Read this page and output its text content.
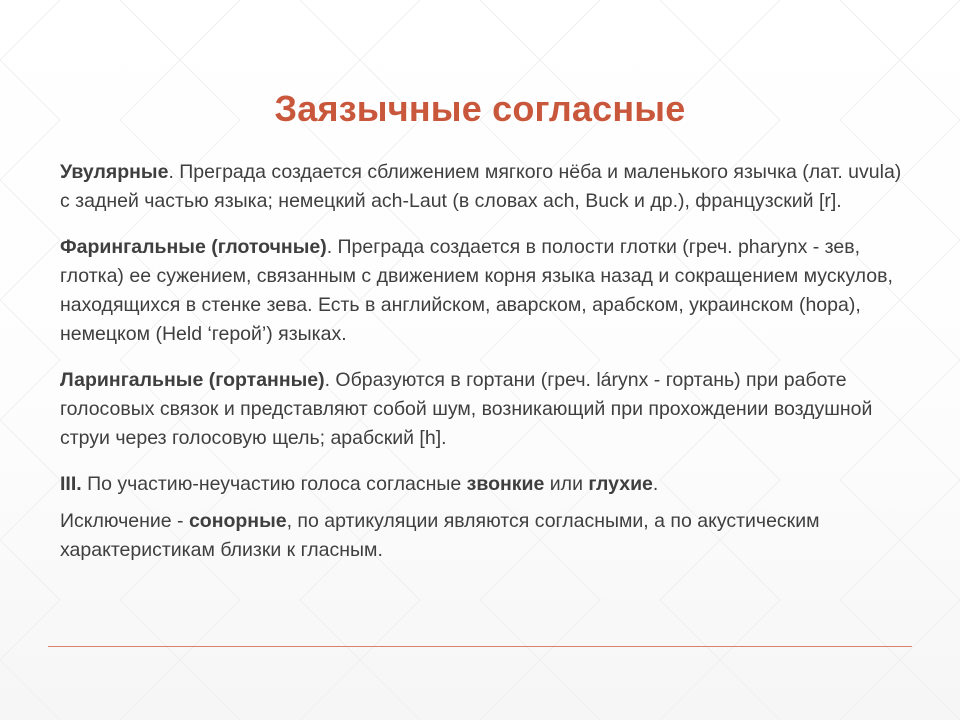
Заязычные согласные

Увулярные. Преграда создается сближением мягкого нёба и маленького язычка (лат. uvula) с задней частью языка; немецкий ach-Laut (в словах ach, Buck и др.), французский [r].

Фарингальные (глоточные). Преграда создается в полости глотки (греч. pharynx - зев, глотка) ее сужением, связанным с движением корня языка назад и сокращением мускулов, находящихся в стенке зева. Есть в английском, аварском, арабском, украинском (hopa), немецком (Held ‘герой’) языках.

Ларингальные (гортанные). Образуются в гортани (греч. lárynx - гортань) при работе голосовых связок и представляют собой шум, возникающий при прохождении воздушной струи через голосовую щель; арабский [h].

III. По участию-неучастию голоса согласные звонкие или глухие.

Исключение - сонорные, по артикуляции являются согласными, а по акустическим характеристикам близки к гласным.
